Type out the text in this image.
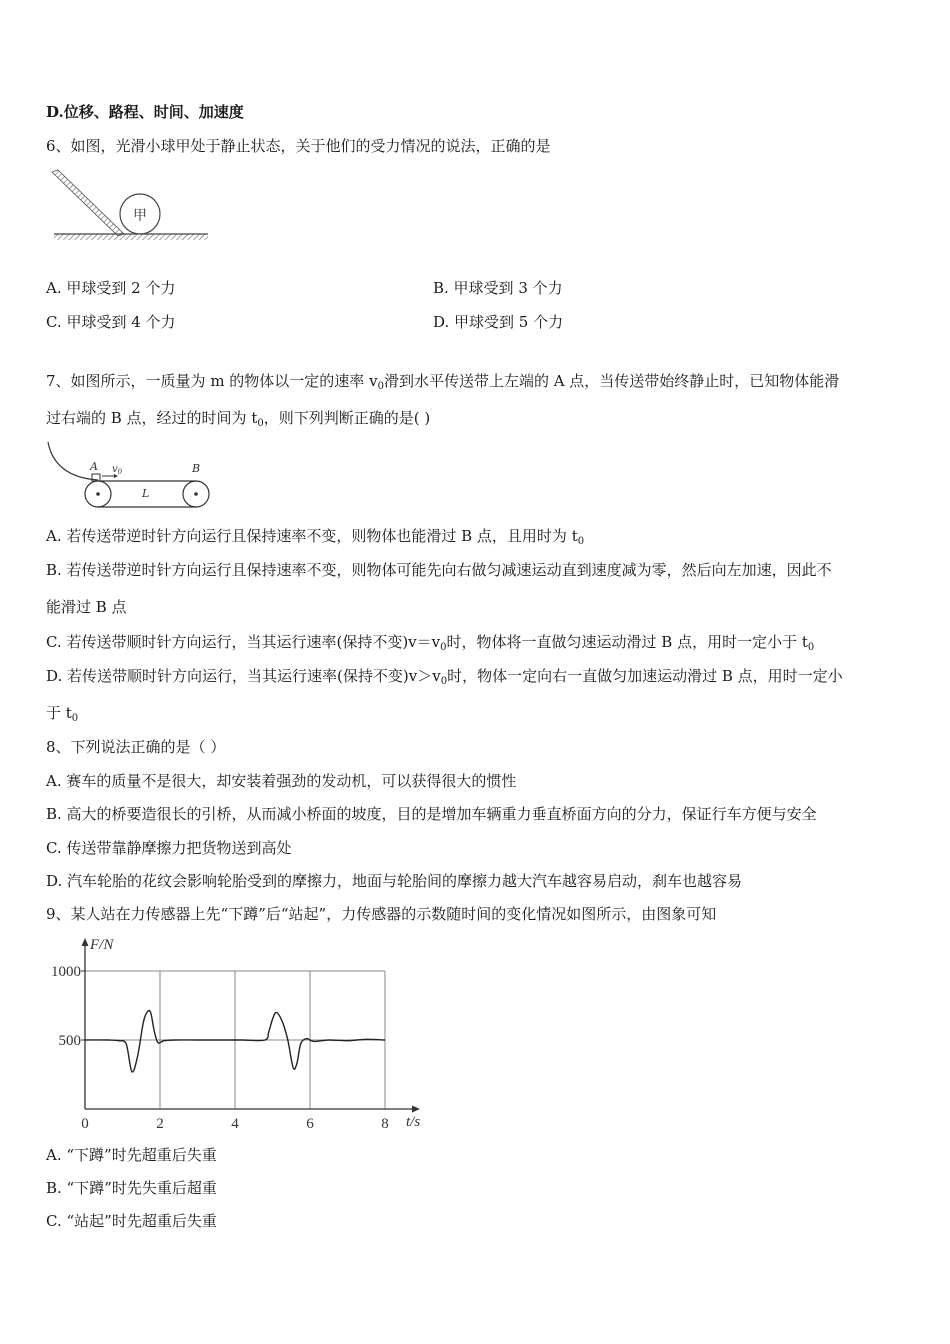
D.位移、路程、时间、加速度
6、如图，光滑小球甲处于静止状态，关于他们的受力情况的说法，正确的是
甲
A. 甲球受到 2 个力	B. 甲球受到 3 个力
C. 甲球受到 4 个力	D. 甲球受到 5 个力
7、如图所示，一质量为 m 的物体以一定的速率 $v_0$滑到水平传送带上左端的 A 点，当传送带始终静止时，已知物体能滑
过右端的 B 点，经过的时间为 $t_0$，则下列判断正确的是( )
A $v_0$	B
L
A. 若传送带逆时针方向运行且保持速率不变，则物体也能滑过 B 点，且用时为 $t_0$
B. 若传送带逆时针方向运行且保持速率不变，则物体可能先向右做匀减速运动直到速度减为零，然后向左加速，因此不
能滑过 B 点
C. 若传送带顺时针方向运行，当其运行速率(保持不变)$v=v_0$时，物体将一直做匀速运动滑过 B 点，用时一定小于 $t_0$
D. 若传送带顺时针方向运行，当其运行速率(保持不变)$v>v_0$时，物体一定向右一直做匀加速运动滑过 B 点，用时一定小
于 $t_0$
8、下列说法正确的是（ ）
A. 赛车的质量不是很大，却安装着强劲的发动机，可以获得很大的惯性
B. 高大的桥要造很长的引桥，从而减小桥面的坡度，目的是增加车辆重力垂直桥面方向的分力，保证行车方便与安全
C. 传送带靠静摩擦力把货物送到高处
D. 汽车轮胎的花纹会影响轮胎受到的摩擦力，地面与轮胎间的摩擦力越大汽车越容易启动，刹车也越容易
9、某人站在力传感器上先“下蹲”后“站起”，力传感器的示数随时间的变化情况如图所示，由图象可知
F/N
t/s
0	2	4	6	8
500
1000
A. “下蹲”时先超重后失重
B. “下蹲”时先失重后超重
C. “站起”时先超重后失重
